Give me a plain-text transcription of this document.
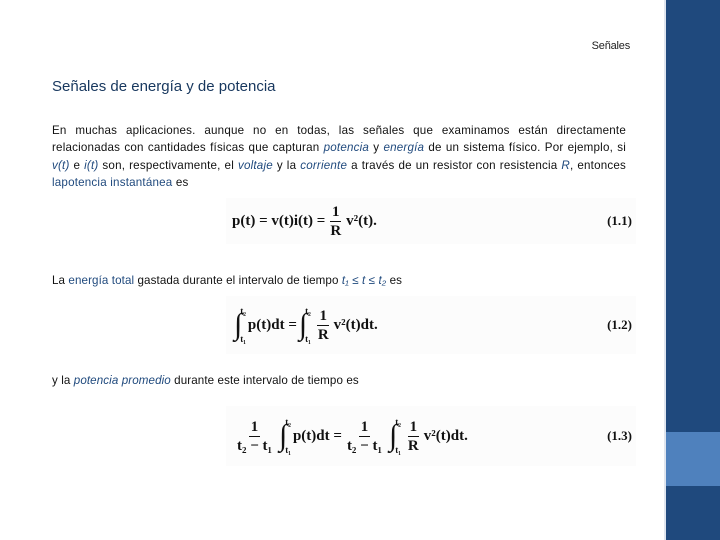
Señales
Señales de energía y de potencia

En muchas aplicaciones. aunque no en todas, las señales que examinamos están directamente relacionadas con cantidades físicas que capturan potencia y energía de un sistema físico. Por ejemplo, si v(t) e i(t) son, respectivamente, el voltaje y la corriente a través de un resistor con resistencia R, entonces lapotencia instantánea es

$p(t) = v(t)i(t) = \frac{1}{R} v^2(t)$.	(1.1)
La energía total gastada durante el intervalo de tiempo t₁ ≤ t ≤ t₂ es
∫
t₂
t₁
p(t)dt = ∫
t₂
$t_1 \frac{1}{R} v^2(t)dt$.	(1.2)
y la potencia promedio durante este intervalo de tiempo es
$\frac{1}{\text{t₂ − t₁}}$ ∫
t₂
t₁
$p(t)dt = \frac{1}{\text{t₂ − t₁}}$ ∫
t₂
$t_1 \frac{1}{R} v^2(t)dt$.	(1.3)
